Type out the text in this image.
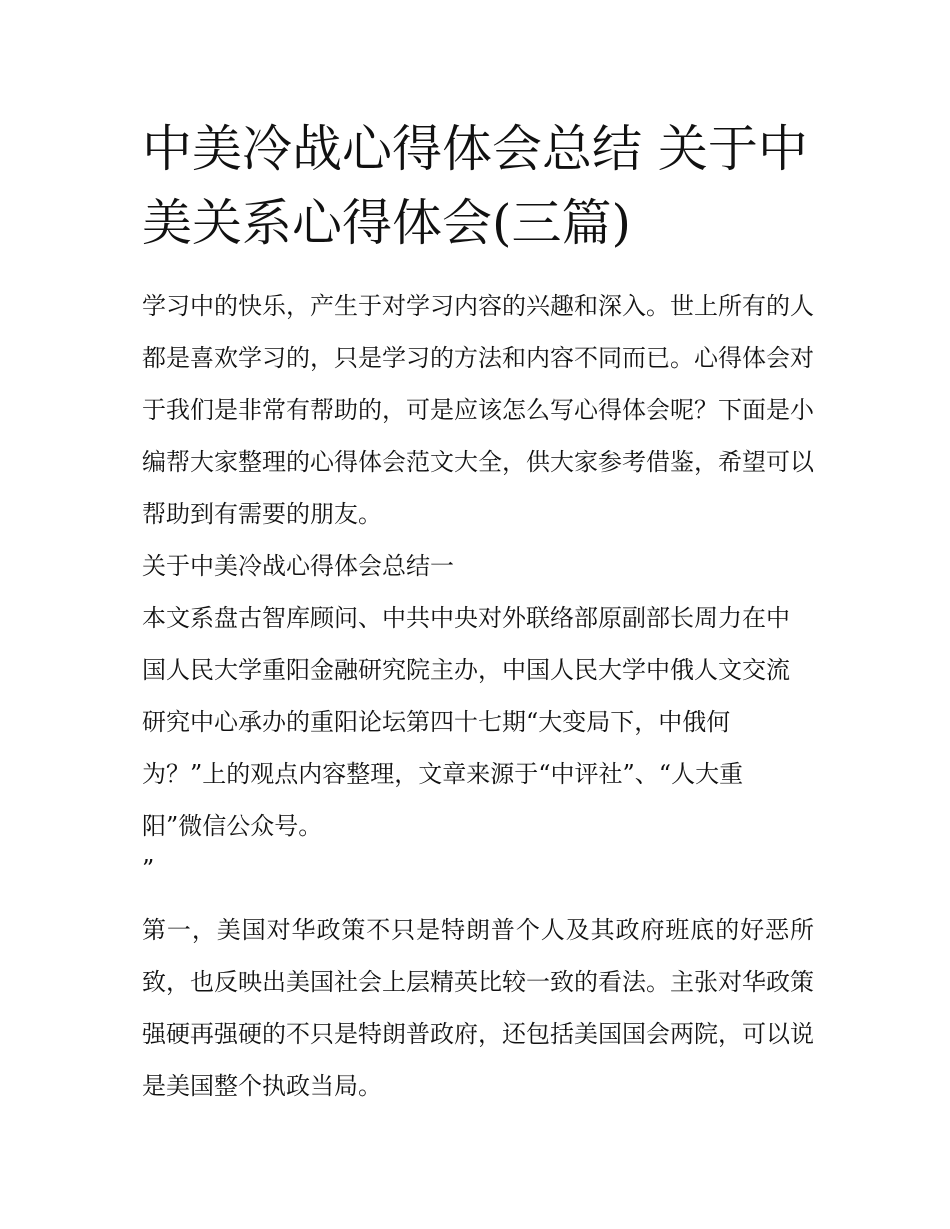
中美冷战心得体会总结 关于中美关系心得体会(三篇)

学习中的快乐，产生于对学习内容的兴趣和深入。世上所有的人都是喜欢学习的，只是学习的方法和内容不同而已。心得体会对于我们是非常有帮助的，可是应该怎么写心得体会呢？下面是小编帮大家整理的心得体会范文大全，供大家参考借鉴，希望可以帮助到有需要的朋友。

关于中美冷战心得体会总结一

本文系盘古智库顾问、中共中央对外联络部原副部长周力在中

国人民大学重阳金融研究院主办，中国人民大学中俄人文交流

研究中心承办的重阳论坛第四十七期“大变局下，中俄何

为？”上的观点内容整理，文章来源于“中评社”、“人大重

阳”微信公众号。

”

第一，美国对华政策不只是特朗普个人及其政府班底的好恶所致，也反映出美国社会上层精英比较一致的看法。主张对华政策强硬再强硬的不只是特朗普政府，还包括美国国会两院，可以说是美国整个执政当局。
